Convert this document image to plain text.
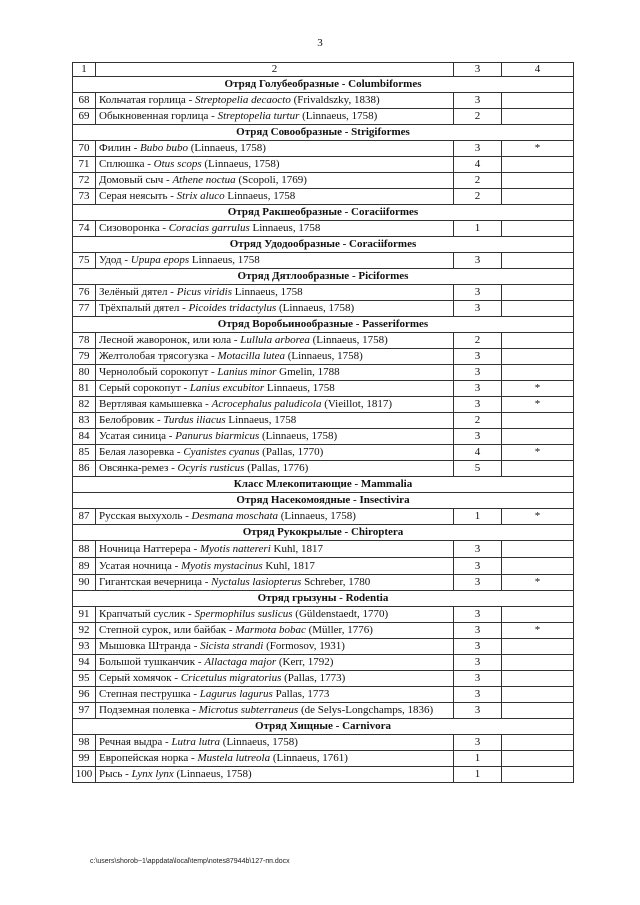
3
1	2	3	4
Отряд Голубеобразные - Columbiformes			
68	Кольчатая горлица - Streptopelia decaocto (Frivaldszky, 1838)	3	
69	Обыкновенная горлица - Streptopelia turtur (Linnaeus, 1758)	2	
Отряд Совообразные - Strigiformes			
70	Филин - Bubo bubo (Linnaeus, 1758)	3	*
71	Сплюшка - Otus scops (Linnaeus, 1758)	4	
72	Домовый сыч - Athene noctua (Scopoli, 1769)	2	
73	Серая неясыть - Strix aluco Linnaeus, 1758	2	
Отряд Ракшеобразные - Coraciiformes			
74	Сизоворонка - Coracias garrulus Linnaeus, 1758	1	
Отряд Удодообразные - Coraciiformes			
75	Удод - Upupa epops Linnaeus, 1758	3	
Отряд Дятлообразные - Piciformes			
76	Зелёный дятел - Picus viridis Linnaeus, 1758	3	
77	Трёхпалый дятел - Picoides tridactylus (Linnaeus, 1758)	3	
Отряд Воробьинообразные - Passeriformes			
78	Лесной жаворонок, или юла - Lullula arborea (Linnaeus, 1758)	2	
79	Желтолобая трясогузка - Motacilla lutea (Linnaeus, 1758)	3	
80	Чернолобый сорокопут - Lanius minor Gmelin, 1788	3	
81	Серый сорокопут - Lanius excubitor Linnaeus, 1758	3	*
82	Вертлявая камышевка - Acrocephalus paludicola (Vieillot, 1817)	3	*
83	Белобровик - Turdus iliacus Linnaeus, 1758	2	
84	Усатая синица - Panurus biarmicus (Linnaeus, 1758)	3	
85	Белая лазоревка - Cyanistes cyanus (Pallas, 1770)	4	*
86	Овсянка-ремез - Ocyris rusticus (Pallas, 1776)	5	
Класс Млекопитающие - Mammalia			
Отряд Насекомоядные - Insectivira			
87	Русская выхухоль - Desmana moschata (Linnaeus, 1758)	1	*
Отряд Рукокрылые - Chiroptera			
88	Ночница Наттерера - Myotis nattereri Kuhl, 1817	3	
89	Усатая ночница - Myotis mystacinus Kuhl, 1817	3	
90	Гигантская вечерница - Nyctalus lasiopterus Schreber, 1780	3	*
Отряд грызуны - Rodentia			
91	Крапчатый суслик - Spermophilus suslicus (Güldenstaedt, 1770)	3	
92	Степной сурок, или байбак - Marmota bobac (Müller, 1776)	3	*
93	Мышовка Штранда - Sicista strandi (Formosov, 1931)	3	
94	Большой тушканчик - Allactaga major (Kerr, 1792)	3	
95	Серый хомячок - Cricetulus migratorius (Pallas, 1773)	3	
96	Степная пеструшка - Lagurus lagurus Pallas, 1773	3	
97	Подземная полевка - Microtus subterraneus (de Selys-Longchamps, 1836)	3	
Отряд Хищные - Carnivora			
98	Речная выдра - Lutra lutra (Linnaeus, 1758)	3	
99	Европейская норка - Mustela lutreola (Linnaeus, 1761)	1	
100	Рысь - Lynx lynx (Linnaeus, 1758)	1	
c:\users\shorob~1\appdata\local\temp\notes87944b\127-пп.docx
